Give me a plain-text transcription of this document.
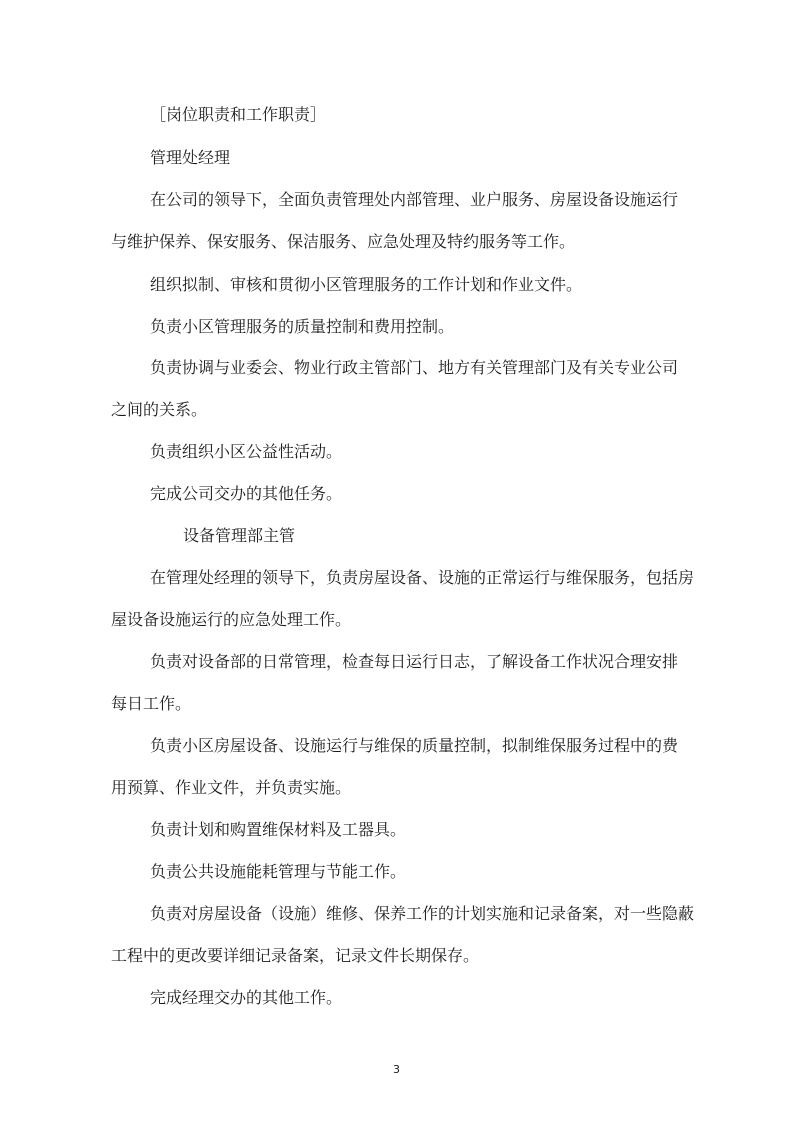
［岗位职责和工作职责］
管理处经理
在公司的领导下，全面负责管理处内部管理、业户服务、房屋设备设施运行
与维护保养、保安服务、保洁服务、应急处理及特约服务等工作。
组织拟制、审核和贯彻小区管理服务的工作计划和作业文件。
负责小区管理服务的质量控制和费用控制。
负责协调与业委会、物业行政主管部门、地方有关管理部门及有关专业公司
之间的关系。
负责组织小区公益性活动。
完成公司交办的其他任务。
设备管理部主管
在管理处经理的领导下，负责房屋设备、设施的正常运行与维保服务，包括房
屋设备设施运行的应急处理工作。
负责对设备部的日常管理，检查每日运行日志，了解设备工作状况合理安排
每日工作。
负责小区房屋设备、设施运行与维保的质量控制，拟制维保服务过程中的费
用预算、作业文件，并负责实施。
负责计划和购置维保材料及工器具。
负责公共设施能耗管理与节能工作。
负责对房屋设备（设施）维修、保养工作的计划实施和记录备案，对一些隐蔽
工程中的更改要详细记录备案，记录文件长期保存。
完成经理交办的其他工作。
3
